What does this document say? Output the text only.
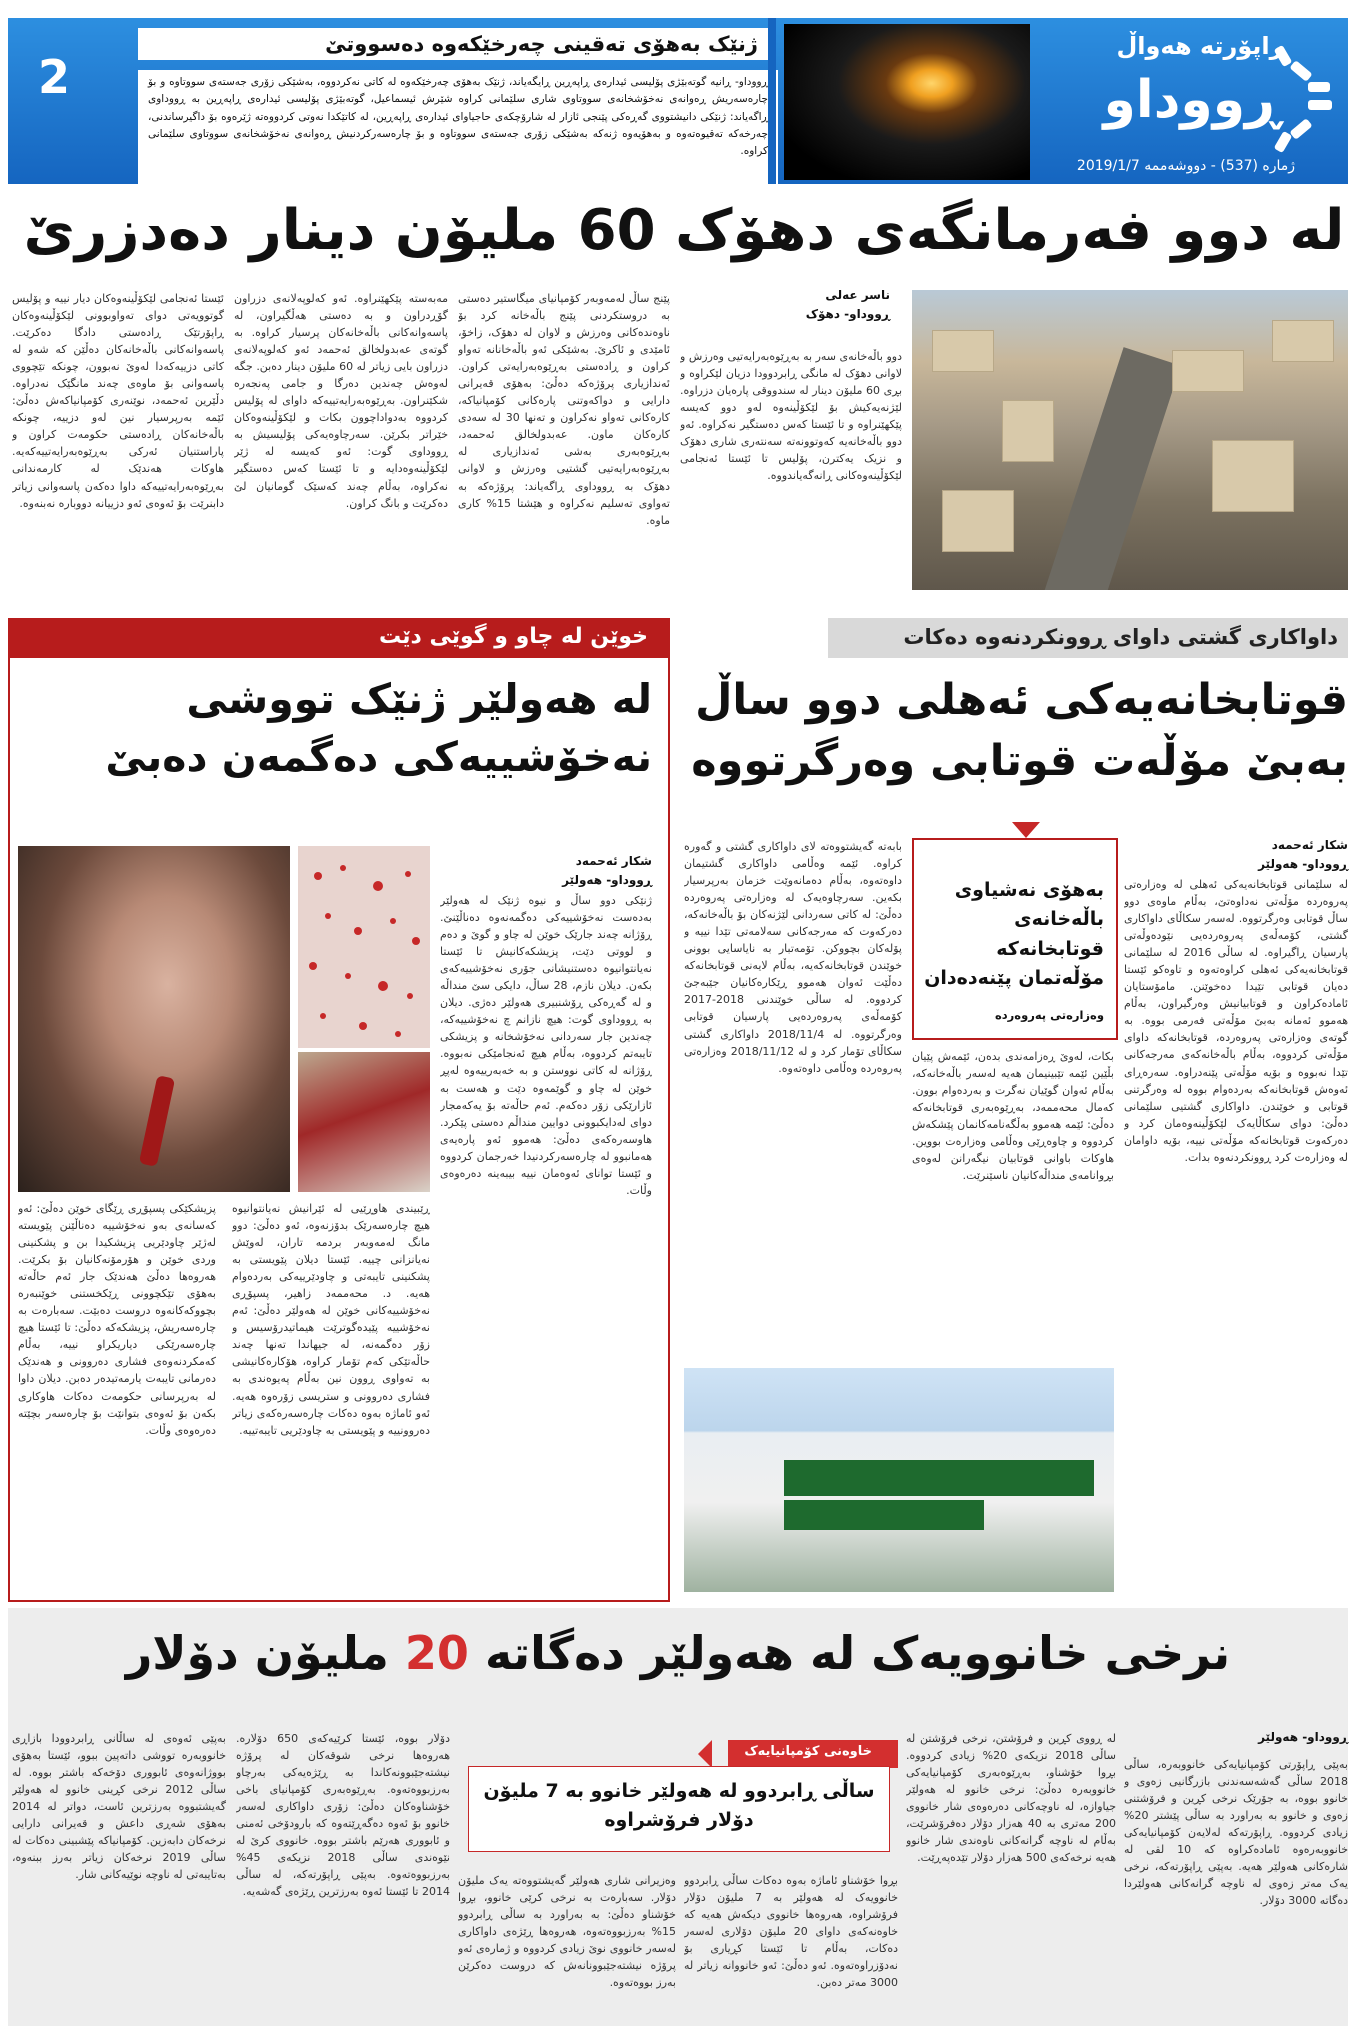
2
ژنێک بەهۆی تەقینی چەرخێکەوە دەسووتێ
ڕووداو- ڕانیە گوتەبێژی پۆلیسی ئیدارەی ڕاپەڕین ڕایگەیاند، ژنێک بەهۆی چەرخێکەوە لە کاتی نەکردووە، بەشێکی زۆری جەستەی سووتاوە و بۆ چارەسەریش ڕەوانەی نەخۆشخانەی سووتاوی شاری سلێمانی کراوە شێرش ئیسماعیل، گوتەبێژی پۆلیسی ئیدارەی ڕاپەڕین بە ڕووداوی ڕاگەیاند: ژنێکی دانیشتووی گەڕەکی پێنجی ئازار لە شارۆچکەی حاجیاوای ئیدارەی ڕاپەڕین، لە کاتێکدا نەوتی کردووەتە ژێرەوە بۆ داگیرساندنی، چەرخەکە تەقیوەتەوە و بەهۆیەوە ژنەکە بەشێکی زۆری جەستەی سووتاوە و بۆ چارەسەرکردنیش ڕەوانەی نەخۆشخانەی سووتاوی سلێمانی کراوە.
ڕاپۆرتە هەواڵ
ڕووداو
ژمارە (537) - دووشەممە 2019/1/7
لە دوو فەرمانگەی دهۆک 60 ملیۆن دینار دەدزرێ
ناسر عەلی
ڕووداو- دهۆک
دوو باڵەخانەی سەر بە بەڕێوەبەرایەتیی وەرزش و لاوانی دهۆک لە مانگی ڕابردوودا دزیان لێکراوە و بڕی 60 ملیۆن دینار لە سندووقی پارەیان دزراوە. لێژنەیەکیش بۆ لێکۆڵینەوە لەو دوو کەیسە پێکهێنراوە و تا ئێستا کەس دەستگیر نەکراوە. ئەو دوو باڵەخانەیە کەوتوونەتە سەنتەری شاری دهۆک و نزیک یەکترن، پۆلیس تا ئێستا ئەنجامی لێکۆڵینەوەکانی ڕانەگەیاندووە.
پێنج ساڵ لەمەوبەر کۆمپانیای میگاستیر دەستی بە دروستکردنی پێنج باڵەخانە کرد بۆ ناوەندەکانی وەرزش و لاوان لە دهۆک، زاخۆ، ئامێدی و ئاکرێ. بەشێکی ئەو باڵەخانانە تەواو کراون و ڕادەستی بەڕێوەبەرایەتی کراون. ئەندازیاری پرۆژەکە دەڵێ: بەهۆی قەیرانی دارایی و دواکەوتنی پارەکانی کۆمپانیاکە، کارەکانی تەواو نەکراون و تەنها 30 لە سەدی کارەکان ماون. عەبدولخالق ئەحمەد، بەڕێوەبەری بەشی ئەندازیاری لە بەڕێوەبەرایەتیی گشتیی وەرزش و لاوانی دهۆک بە ڕووداوی ڕاگەیاند: پرۆژەکە بە تەواوی تەسلیم نەکراوە و هێشتا 15% کاری ماوە.
مەبەستە پێکهێنراوە. ئەو کەلوپەلانەی دزراون گۆڕدراون و بە دەستی هەڵگیراون، لە پاسەوانەکانی باڵەخانەکان پرسیار کراوە. بە گوتەی عەبدولخالق ئەحمەد ئەو کەلوپەلانەی دزراون بایی زیاتر لە 60 ملیۆن دینار دەبن. جگە لەوەش چەندین دەرگا و جامی پەنجەرە شکێنراون. بەڕێوەبەرایەتییەکە داوای لە پۆلیس کردووە بەدواداچوون بکات و لێکۆڵینەوەکان خێراتر بکرێن. سەرچاوەیەکی پۆلیسیش بە ڕووداوی گوت: ئەو کەیسە لە ژێر لێکۆڵینەوەدایە و تا ئێستا کەس دەستگیر نەکراوە، بەڵام چەند کەسێک گومانیان لێ دەکرێت و بانگ کراون.
ئێستا ئەنجامی لێکۆڵینەوەکان دیار نییە و پۆلیس گوتوویەتی دوای تەواوبوونی لێکۆڵینەوەکان ڕاپۆرتێک ڕادەستی دادگا دەکرێت. پاسەوانەکانی باڵەخانەکان دەڵێن کە شەو لە کاتی دزییەکەدا لەوێ نەبوون، چونکە تێچووی پاسەوانی بۆ ماوەی چەند مانگێک نەدراوە. دڵێرین ئەحمەد، نوێنەری کۆمپانیاکەش دەڵێ: ئێمە بەرپرسیار نین لەو دزییە، چونکە باڵەخانەکان ڕادەستی حکومەت کراون و پاراستنیان ئەرکی بەڕێوەبەرایەتییەکەیە. هاوکات هەندێک لە کارمەندانی بەڕێوەبەرایەتییەکە داوا دەکەن پاسەوانی زیاتر دابنرێت بۆ ئەوەی ئەو دزییانە دووبارە نەبنەوە.
خوێن لە چاو و گوێی دێت
لە هەولێر ژنێک تووشی نەخۆشییەکی دەگمەن دەبێ
شکار ئەحمەد
ڕووداو- هەولێر
ژنێکی دوو ساڵ و نیوە ژنێک لە هەولێر بەدەست نەخۆشییەکی دەگمەنەوە دەناڵێنێ. ڕۆژانە چەند جارێک خوێن لە چاو و گوێ و دەم و لووتی دێت، پزیشکەکانیش تا ئێستا نەیانتوانیوە دەستنیشانی جۆری نەخۆشییەکەی بکەن. دیلان نازم، 28 ساڵ، دایکی سێ منداڵە و لە گەڕەکی ڕۆشنبیری هەولێر دەژی. دیلان بە ڕووداوی گوت: هیچ نازانم چ نەخۆشییەکە، چەندین جار سەردانی نەخۆشخانە و پزیشکی تایبەتم کردووە، بەڵام هیچ ئەنجامێکی نەبووە. ڕۆژانە لە کاتی نووستن و بە خەبەرییەوە لەپڕ خوێن لە چاو و گوێمەوە دێت و هەست بە ئازارێکی زۆر دەکەم. ئەم حاڵەتە بۆ یەکەمجار دوای لەدایکبوونی دوایین منداڵم دەستی پێکرد. هاوسەرەکەی دەڵێ: هەموو ئەو پارەیەی هەمانبوو لە چارەسەرکردنیدا خەرجمان کردووە و ئێستا توانای ئەوەمان نییە بیبەینە دەرەوەی وڵات.
ڕێبیندی هاوڕێیی لە ئێرانیش نەیانتوانیوە هیچ چارەسەرێک بدۆزنەوە، ئەو دەڵێ: دوو مانگ لەمەوبەر بردمە تاران، لەوێش نەیانزانی چییە. ئێستا دیلان پێویستی بە پشکنینی تایبەتی و چاودێرییەکی بەردەوام هەیە. د. محەممەد زاهیر، پسپۆڕی نەخۆشییەکانی خوێن لە هەولێر دەڵێ: ئەم نەخۆشییە پێیدەگوترێت هیماتیدرۆسیس و زۆر دەگمەنە، لە جیهاندا تەنها چەند حاڵەتێکی کەم تۆمار کراوە، هۆکارەکانیشی بە تەواوی ڕوون نین بەڵام پەیوەندی بە فشاری دەروونی و ستریسی زۆرەوە هەیە. ئەو ئاماژە بەوە دەکات چارەسەرەکەی زیاتر دەروونییە و پێویستی بە چاودێریی تایبەتییە.
پزیشکێکی پسپۆڕی ڕێگای خوێن دەڵێ: ئەو کەسانەی بەو نەخۆشییە دەناڵێنن پێویستە لەژێر چاودێریی پزیشکیدا بن و پشکنینی وردی خوێن و هۆرمۆنەکانیان بۆ بکرێت. هەروەها دەڵێ هەندێک جار ئەم حاڵەتە بەهۆی تێکچوونی ڕێکخستنی خوێنبەرە بچووکەکانەوە دروست دەبێت. سەبارەت بە چارەسەریش، پزیشکەکە دەڵێ: تا ئێستا هیچ چارەسەرێکی دیاریکراو نییە، بەڵام کەمکردنەوەی فشاری دەروونی و هەندێک دەرمانی تایبەت یارمەتیدەر دەبن. دیلان داوا لە بەرپرسانی حکومەت دەکات هاوکاری بکەن بۆ ئەوەی بتوانێت بۆ چارەسەر بچێتە دەرەوەی وڵات.
داواکاری گشتی داوای ڕوونکردنەوە دەکات
قوتابخانەیەکی ئەهلی دوو ساڵ بەبێ مۆڵەت قوتابی وەرگرتووە
شکار ئەحمەد
ڕووداو- هەولێر
لە سلێمانی قوتابخانەیەکی ئەهلی لە وەزارەتی پەروەردە مۆڵەتی نەداوەتێ، بەڵام ماوەی دوو ساڵ قوتابی وەرگرتووە. لەسەر سکاڵای داواکاری گشتی، کۆمەڵەی پەروەردەیی نێودەوڵەتی پارسیان ڕاگیراوە. لە ساڵی 2016 لە سلێمانی قوتابخانەیەکی ئەهلی کراوەتەوە و تاوەکو ئێستا دەیان قوتابی تێیدا دەخوێنن. مامۆستایان ئامادەکراون و قوتابیانیش وەرگیراون، بەڵام هەموو ئەمانە بەبێ مۆڵەتی فەرمی بووە. بە گوتەی وەزارەتی پەروەردە، قوتابخانەکە داوای مۆڵەتی کردووە، بەڵام باڵەخانەکەی مەرجەکانی تێدا نەبووە و بۆیە مۆڵەتی پێنەدراوە. سەرەڕای ئەوەش قوتابخانەکە بەردەوام بووە لە وەرگرتنی قوتابی و خوێندن. داواکاری گشتیی سلێمانی دەڵێ: دوای سکاڵایەک لێکۆڵینەوەمان کرد و دەرکەوت قوتابخانەکە مۆڵەتی نییە، بۆیە داوامان لە وەزارەت کرد ڕوونکردنەوە بدات.
بەهۆی نەشیاوی باڵەخانەی قوتابخانەکە مۆڵەتمان پێنەدەدان
وەزارەتی پەروەردە
بکات، لەوێ ڕەزامەندی بدەن، ئێمەش پێیان بڵێین ئێمە تێبینیمان هەیە لەسەر باڵەخانەکە، بەڵام ئەوان گوێیان نەگرت و بەردەوام بوون. کەمال محەممەد، بەڕێوەبەری قوتابخانەکە دەڵێ: ئێمە هەموو بەڵگەنامەکانمان پێشکەش کردووە و چاوەڕێی وەڵامی وەزارەت بووین. هاوکات باوانی قوتابیان نیگەرانن لەوەی بڕوانامەی منداڵەکانیان ناسێنرێت.
بابەتە گەیشتووەتە لای داواکاری گشتی و گەورە کراوە. ئێمە وەڵامی داواکاری گشتیمان داوەتەوە، بەڵام دەمانەوێت خزمان بەرپرسیار بکەین. سەرچاوەیەک لە وەزارەتی پەروەردە دەڵێ: لە کاتی سەردانی لێژنەکان بۆ باڵەخانەکە، دەرکەوت کە مەرجەکانی سەلامەتی تێدا نییە و پۆلەکان بچووکن. تۆمەتبار بە نایاسایی بوونی خوێندن قوتابخانەکەیە، بەڵام لایەنی قوتابخانەکە دەڵێت ئەوان هەموو ڕێکارەکانیان جێبەجێ کردووە. لە ساڵی خوێندنی 2018-2017 کۆمەڵەی پەروەردەیی پارسیان قوتابی وەرگرتووە. لە 2018/11/4 داواکاری گشتی سکاڵای تۆمار کرد و لە 2018/11/12 وەزارەتی پەروەردە وەڵامی داوەتەوە.
نرخی خانوویەک لە هەولێر دەگاتە 20 ملیۆن دۆلار
ڕووداو- هەولێر
بەپێی ڕاپۆرتی کۆمپانیایەکی خانووبەرە، ساڵی 2018 ساڵی گەشەسەندنی بازرگانیی زەوی و خانوو بووە، بە جۆرێک نرخی کڕین و فرۆشتنی زەوی و خانوو بە بەراورد بە ساڵی پێشتر 20% زیادی کردووە. ڕاپۆرتەکە لەلایەن کۆمپانیایەکی خانووبەرەوە ئامادەکراوە کە 10 لقی لە شارەکانی هەولێر هەیە. بەپێی ڕاپۆرتەکە، نرخی یەک مەتر زەوی لە ناوچە گرانەکانی هەولێردا دەگاتە 3000 دۆلار.
لە ڕووی کڕین و فرۆشتن، نرخی فرۆشتن لە ساڵی 2018 نزیکەی 20% زیادی کردووە. بڕوا خۆشناو، بەڕێوەبەری کۆمپانیایەکی خانووبەرە دەڵێ: نرخی خانوو لە هەولێر جیاوازە، لە ناوچەکانی دەرەوەی شار خانووی 200 مەتری بە 40 هەزار دۆلار دەفرۆشرێت، بەڵام لە ناوچە گرانەکانی ناوەندی شار خانوو هەیە نرخەکەی 500 هەزار دۆلار تێدەپەڕێت.
خاوەنی کۆمپانیایەک
ساڵی ڕابردوو لە هەولێر خانوو بە 7 ملیۆن دۆلار فرۆشراوە
بڕوا خۆشناو ئاماژە بەوە دەکات ساڵی ڕابردوو خانوویەک لە هەولێر بە 7 ملیۆن دۆلار فرۆشراوە، هەروەها خانووی دیکەش هەیە کە خاوەنەکەی داوای 20 ملیۆن دۆلاری لەسەر دەکات، بەڵام تا ئێستا کڕیاری بۆ نەدۆزراوەتەوە. ئەو دەڵێ: ئەو خانووانە زیاتر لە 3000 مەتر دەبن.
وەزیرانی شاری هەولێر گەیشتووەتە یەک ملیۆن دۆلار. سەبارەت بە نرخی کرێی خانوو، بڕوا خۆشناو دەڵێ: بە بەراورد بە ساڵی ڕابردوو 15% بەرزبووەتەوە، هەروەها ڕێژەی داواکاری لەسەر خانووی نوێ زیادی کردووە و ژمارەی ئەو پرۆژە نیشتەجێبوونانەش کە دروست دەکرێن بەرز بووەتەوە.
دۆلار بووە، ئێستا کرێیەکەی 650 دۆلارە. هەروەها نرخی شوقەکان لە پرۆژە نیشتەجێبوونەکاندا بە ڕێژەیەکی بەرچاو بەرزبووەتەوە. بەڕێوەبەری کۆمپانیای باخی خۆشناوەکان دەڵێ: زۆری داواکاری لەسەر خانوو بۆ ئەوە دەگەڕێتەوە کە بارودۆخی ئەمنی و ئابووری هەرێم باشتر بووە. خانووی کرێ لە نێوەندی ساڵی 2018 نزیکەی 45% بەرزبووەتەوە. بەپێی ڕاپۆرتەکە، لە ساڵی 2014 تا ئێستا ئەوە بەرزترین ڕێژەی گەشەیە.
بەپێی ئەوەی لە ساڵانی ڕابردوودا بازاڕی خانووبەرە تووشی داتەپین ببوو، ئێستا بەهۆی بووژانەوەی ئابووری دۆخەکە باشتر بووە. لە ساڵی 2012 نرخی کڕینی خانوو لە هەولێر گەیشتبووە بەرزترین ئاست، دواتر لە 2014 بەهۆی شەڕی داعش و قەیرانی دارایی نرخەکان دابەزین. کۆمپانیاکە پێشبینی دەکات لە ساڵی 2019 نرخەکان زیاتر بەرز ببنەوە، بەتایبەتی لە ناوچە نوێیەکانی شار.
